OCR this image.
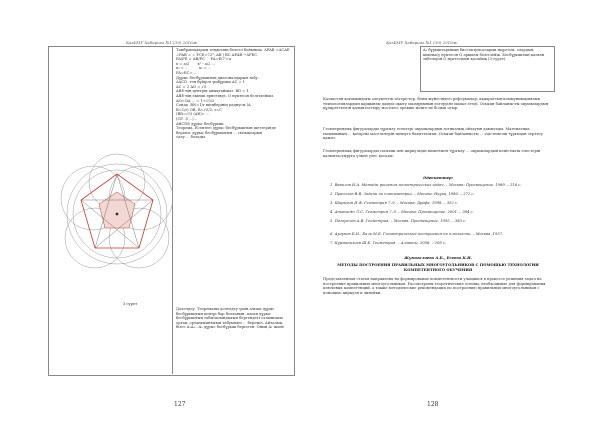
ҚазҰМУ Хабаршы №1 (39) 2016ж	ҚазҰМУ Хабаршы №1 (39) 2016ж
Тамбрашадарын теңдігінің белгісі бойынша  ΔFAB =ΔCAE
∠FAB = ∠ FCE=72⁰, AB | BC AFAB ~ΔFEC.
FA/FE = AB/FC     FA=EC²=a
x = a/2       x² - a/2 ...
x₂ = ...         x₂ = ...
FA=EC=...
Дұрыс бесбұрыштың диагоналдарын табу.
ΔACD  тең бүйірлі үшбұрыш AC = l
AC = 2 AD = √5.
ABE-нің центрін анықтаймыз. BD = 1
ABE-нің екінші өрнегінде, О нүктесін белгілейміз.
AO=OA ... = 1+√5/2
Сонда  BN=1/r шеңберінің радиусы (A
B=1/r) OB, R=√5/2, r=C
(BR=√5) (AR)= ...
(CF...)(...)...
ABCDE дұрыс бесбұрыш
Теорема. Есептегі дұрыс бесбұрыштың шеттерінде
беріліп, дұрыс бесбұрыштың ... сызықтарын
салу ... болады.
3 сурет
Дәлелдеу. Теореманы дәлелдеу үшін алғаш дұрыс бесбұрыштың центрі бар болғанын, алған дұрыс бесбұрыштың табылатындығын бергендегі салынғаны ортақ, ортаңғыштығын табуымыз ... береміз. Айталық, бізге A₁A₂...A₅ дұрыс бесбұрыш берілген. Оның A₁ және
127
A₂ бұрыштарының биссектрисаларын жүргізіп, олардың қиылысу нүктесін О арқылы белгілейік. Бесбұрыштың қалған төбелерін О нүктесімен қосайық (3-сурет).
Қазақстан қоғамындағы әлеуметтік өзгерістер, білім жүйесіндегі реформалар, ақпараттық-коммуникациялық технологиялардың қарқынды дамуы оқыту мазмұнының өзгеруіне ықпал етеді. Осыған байланысты оқушылардың құзыреттілігін қалыптастыру мәселесі ерекше мәнге ие болып отыр.
Геометриялық фигураларды тұрғызу есептері оқушылардың логикалық ойлауын дамытады. Математика ғылымының ... қатарлы мәселелерін шешуге бағытталған. Осыған байланысты ... әдістемелік тұрғыдан зерттеу қажет.
Геометриялық фигураларды сызғыш пен циркульдің көмегімен тұрғызу ... оқушылардың кеңістіктік елестерін қалыптастыруға үлкен үлес қосады.
Әдебиеттер:
1. Вавилов Н.А. Методы решения геометрических задач. – Москва: Просвещение, 1989. – 216 с.
2. Прасолов В.В. Задачи по планиметрии. – Москва: Наука, 1986. – 272 с.
3. Шарыгин И.Ф. Геометрия 7–9. – Москва: Дрофа, 1998. – 352 с.
4. Атанасян Л.С. Геометрия 7–9. – Москва: Просвещение, 2001. – 384 с.
5. Погорелов А.В. Геометрия. – Москва: Просвещение, 1995. – 383 с.
6. Аргунов Б.И., Балк М.Б. Геометрические построения на плоскости. – Москва, 1957.
7. Курманалиев Ш.Б. Геометрия. – Алматы, 2008. – 208 с.
Жумагалиева А.Б., Есеева К.И.
МЕТОДЫ ПОСТРОЕНИЯ ПРАВИЛЬНЫХ МНОГОУГОЛЬНИКОВ С ПОМОЩЬЮ ТЕХНОЛОГИИ КОМПЕТЕНТНОГО ОБУЧЕНИЯ
Представленная статья направлена на формирование компетентности учащихся в процессе решения задач на построение правильных многоугольников. Рассмотрены теоретические основы, необходимые для формирования ключевых компетенций, а также методические рекомендации по построению правильных многоугольников с помощью циркуля и линейки.
128
